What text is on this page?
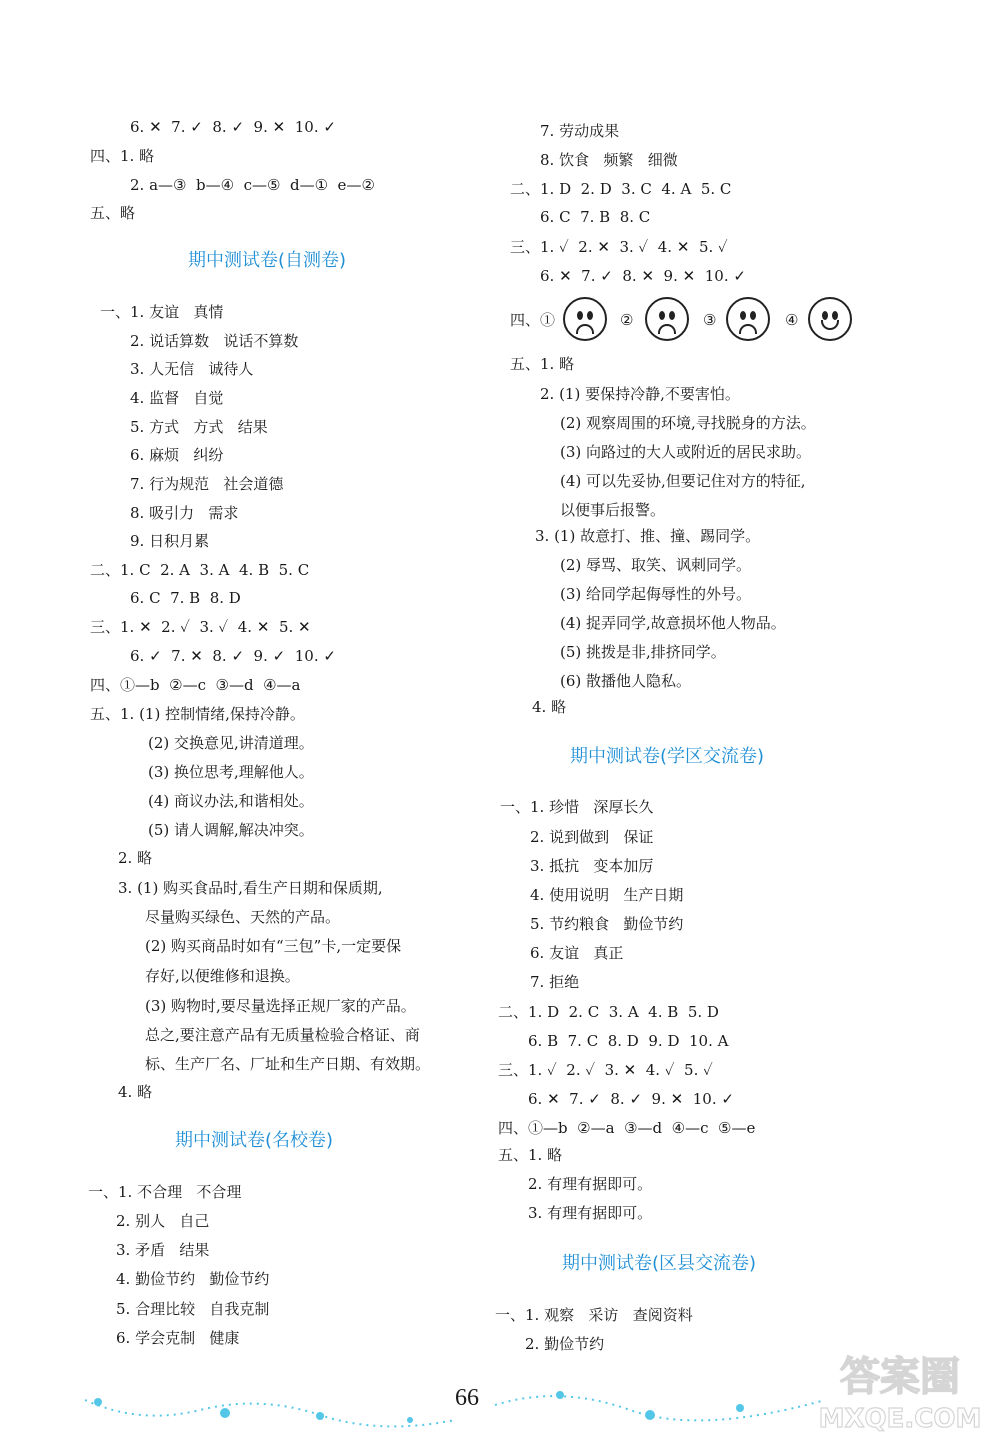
6. ✕  7. ✓  8. ✓  9. ✕  10. ✓
四、1. 略
2. a—③  b—④  c—⑤  d—①  e—②
五、略
期中测试卷(自测卷)
一、1. 友谊   真情
2. 说话算数   说话不算数
3. 人无信   诚待人
4. 监督   自觉
5. 方式   方式   结果
6. 麻烦   纠纷
7. 行为规范   社会道德
8. 吸引力   需求
9. 日积月累
二、1. C  2. A  3. A  4. B  5. C
6. C  7. B  8. D
三、1. ✕  2. ✓  3. ✓  4. ✕  5. ✕
6. ✓  7. ✕  8. ✓  9. ✓  10. ✓
四、①—b  ②—c  ③—d  ④—a
五、1. (1) 控制情绪,保持冷静。
(2) 交换意见,讲清道理。
(3) 换位思考,理解他人。
(4) 商议办法,和谐相处。
(5) 请人调解,解决冲突。
2. 略
3. (1) 购买食品时,看生产日期和保质期,
尽量购买绿色、天然的产品。
(2) 购买商品时如有“三包”卡,一定要保
存好,以便维修和退换。
(3) 购物时,要尽量选择正规厂家的产品。
总之,要注意产品有无质量检验合格证、商
标、生产厂名、厂址和生产日期、有效期。
4. 略
期中测试卷(名校卷)
一、1. 不合理   不合理
2. 别人   自己
3. 矛盾   结果
4. 勤俭节约   勤俭节约
5. 合理比较   自我克制
6. 学会克制   健康
7. 劳动成果
8. 饮食   频繁   细微
二、1. D  2. D  3. C  4. A  5. C
6. C  7. B  8. C
三、1. ✓  2. ✕  3. ✓  4. ✕  5. ✓
6. ✕  7. ✓  8. ✕  9. ✕  10. ✓
四、①	②	③	④
五、1. 略
2. (1) 要保持冷静,不要害怕。
(2) 观察周围的环境,寻找脱身的方法。
(3) 向路过的大人或附近的居民求助。
(4) 可以先妥协,但要记住对方的特征,
以便事后报警。
3. (1) 故意打、推、撞、踢同学。
(2) 辱骂、取笑、讽刺同学。
(3) 给同学起侮辱性的外号。
(4) 捉弄同学,故意损坏他人物品。
(5) 挑拨是非,排挤同学。
(6) 散播他人隐私。
4. 略
期中测试卷(学区交流卷)
一、1. 珍惜   深厚长久
2. 说到做到   保证
3. 抵抗   变本加厉
4. 使用说明   生产日期
5. 节约粮食   勤俭节约
6. 友谊   真正
7. 拒绝
二、1. D  2. C  3. A  4. B  5. D
6. B  7. C  8. D  9. D  10. A
三、1. ✓  2. ✓  3. ✕  4. ✓  5. ✓
6. ✕  7. ✓  8. ✓  9. ✕  10. ✓
四、①—b  ②—a  ③—d  ④—c  ⑤—e
五、1. 略
2. 有理有据即可。
3. 有理有据即可。
期中测试卷(区县交流卷)
一、1. 观察   采访   查阅资料
2. 勤俭节约
66	答案圈
MXQE.COM
